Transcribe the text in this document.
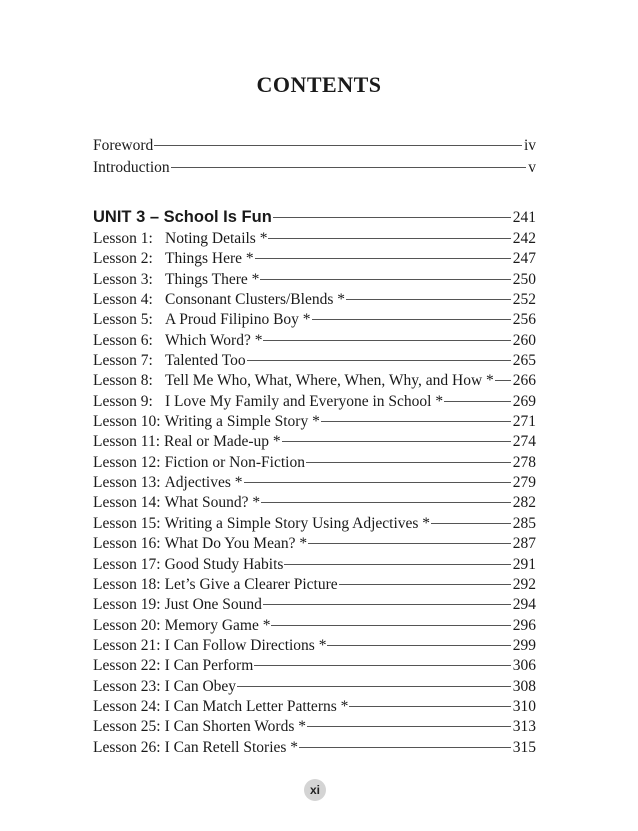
CONTENTS
Foreword	iv
Introduction	v
UNIT 3 – School Is Fun	241
Lesson 1: Noting Details *	242
Lesson 2: Things Here *	247
Lesson 3: Things There *	250
Lesson 4: Consonant Clusters/Blends *	252
Lesson 5: A Proud Filipino Boy *	256
Lesson 6: Which Word? *	260
Lesson 7: Talented Too	265
Lesson 8: Tell Me Who, What, Where, When, Why, and How * 266
Lesson 9: I Love My Family and Everyone in School *	269
Lesson 10: Writing a Simple Story *	271
Lesson 11: Real or Made-up *	274
Lesson 12: Fiction or Non-Fiction	278
Lesson 13: Adjectives *	279
Lesson 14: What Sound? *	282
Lesson 15: Writing a Simple Story Using Adjectives *	285
Lesson 16: What Do You Mean? *	287
Lesson 17: Good Study Habits	291
Lesson 18: Let’s Give a Clearer Picture	292
Lesson 19: Just One Sound	294
Lesson 20: Memory Game *	296
Lesson 21: I Can Follow Directions *	299
Lesson 22: I Can Perform	306
Lesson 23: I Can Obey	308
Lesson 24: I Can Match Letter Patterns *	310
Lesson 25: I Can Shorten Words *	313
Lesson 26: I Can Retell Stories *	315
xi
